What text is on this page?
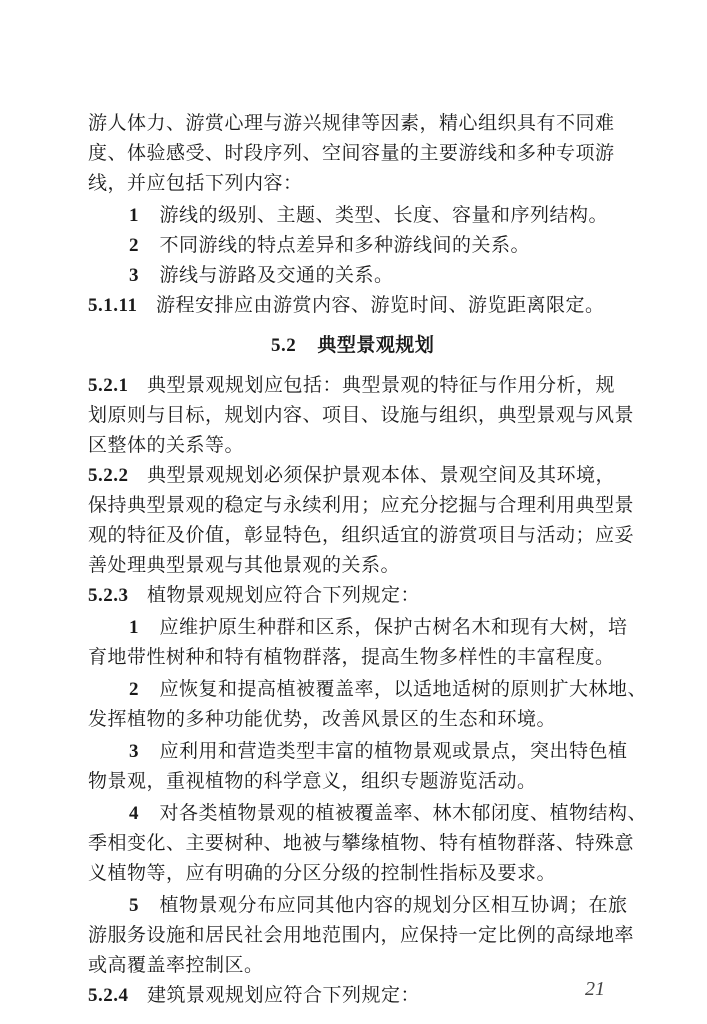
游人体力、游赏心理与游兴规律等因素，精心组织具有不同难
度、体验感受、时段序列、空间容量的主要游线和多种专项游
线，并应包括下列内容：
1 游线的级别、主题、类型、长度、容量和序列结构。
2 不同游线的特点差异和多种游线间的关系。
3 游线与游路及交通的关系。
5.1.11 游程安排应由游赏内容、游览时间、游览距离限定。
5.2 典型景观规划
5.2.1 典型景观规划应包括：典型景观的特征与作用分析，规
划原则与目标，规划内容、项目、设施与组织，典型景观与风景
区整体的关系等。
5.2.2 典型景观规划必须保护景观本体、景观空间及其环境，
保持典型景观的稳定与永续利用；应充分挖掘与合理利用典型景
观的特征及价值，彰显特色，组织适宜的游赏项目与活动；应妥
善处理典型景观与其他景观的关系。
5.2.3 植物景观规划应符合下列规定：
1 应维护原生种群和区系，保护古树名木和现有大树，培
育地带性树种和特有植物群落，提高生物多样性的丰富程度。
2 应恢复和提高植被覆盖率，以适地适树的原则扩大林地、
发挥植物的多种功能优势，改善风景区的生态和环境。
3 应利用和营造类型丰富的植物景观或景点，突出特色植
物景观，重视植物的科学意义，组织专题游览活动。
4 对各类植物景观的植被覆盖率、林木郁闭度、植物结构、
季相变化、主要树种、地被与攀缘植物、特有植物群落、特殊意
义植物等，应有明确的分区分级的控制性指标及要求。
5 植物景观分布应同其他内容的规划分区相互协调；在旅
游服务设施和居民社会用地范围内，应保持一定比例的高绿地率
或高覆盖率控制区。
5.2.4 建筑景观规划应符合下列规定：	21
